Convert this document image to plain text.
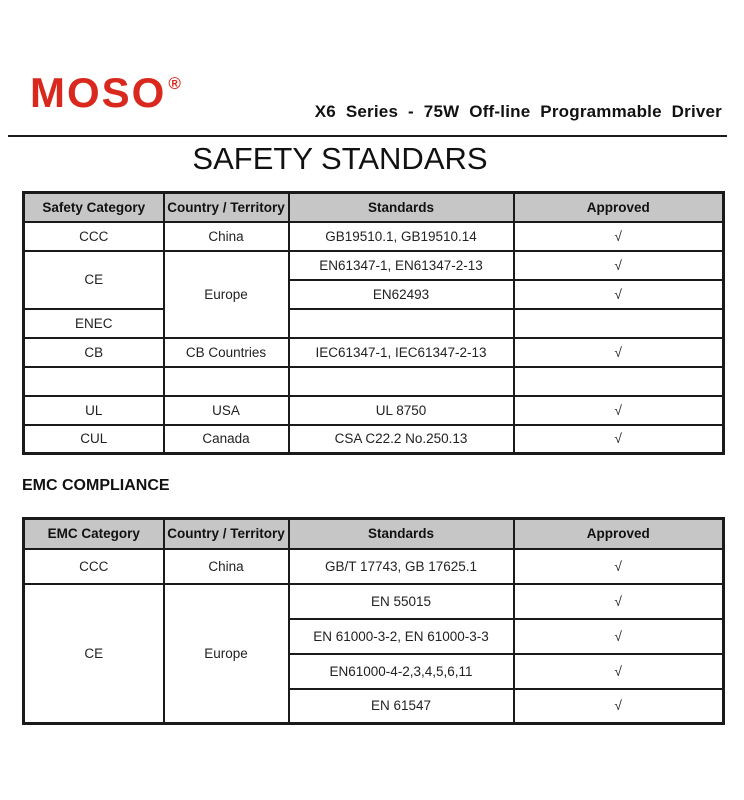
MOSO ®
X6 Series - 75W Off-line Programmable Driver
SAFETY STANDARS
Safety Category	Country / Territory	Standards	Approved
CCC	China	GB19510.1, GB19510.14	√
CE	Europe	EN61347-1, EN61347-2-13	√
		EN62493	√
ENEC			
CB	CB Countries	IEC61347-1, IEC61347-2-13	√

UL	USA	UL 8750	√
CUL	Canada	CSA C22.2 No.250.13	√
EMC COMPLIANCE
EMC Category	Country / Territory	Standards	Approved
CCC	China	GB/T 17743, GB 17625.1	√
CE	Europe	EN 55015	√
		EN 61000-3-2, EN 61000-3-3	√
		EN61000-4-2,3,4,5,6,11	√
		EN 61547	√
